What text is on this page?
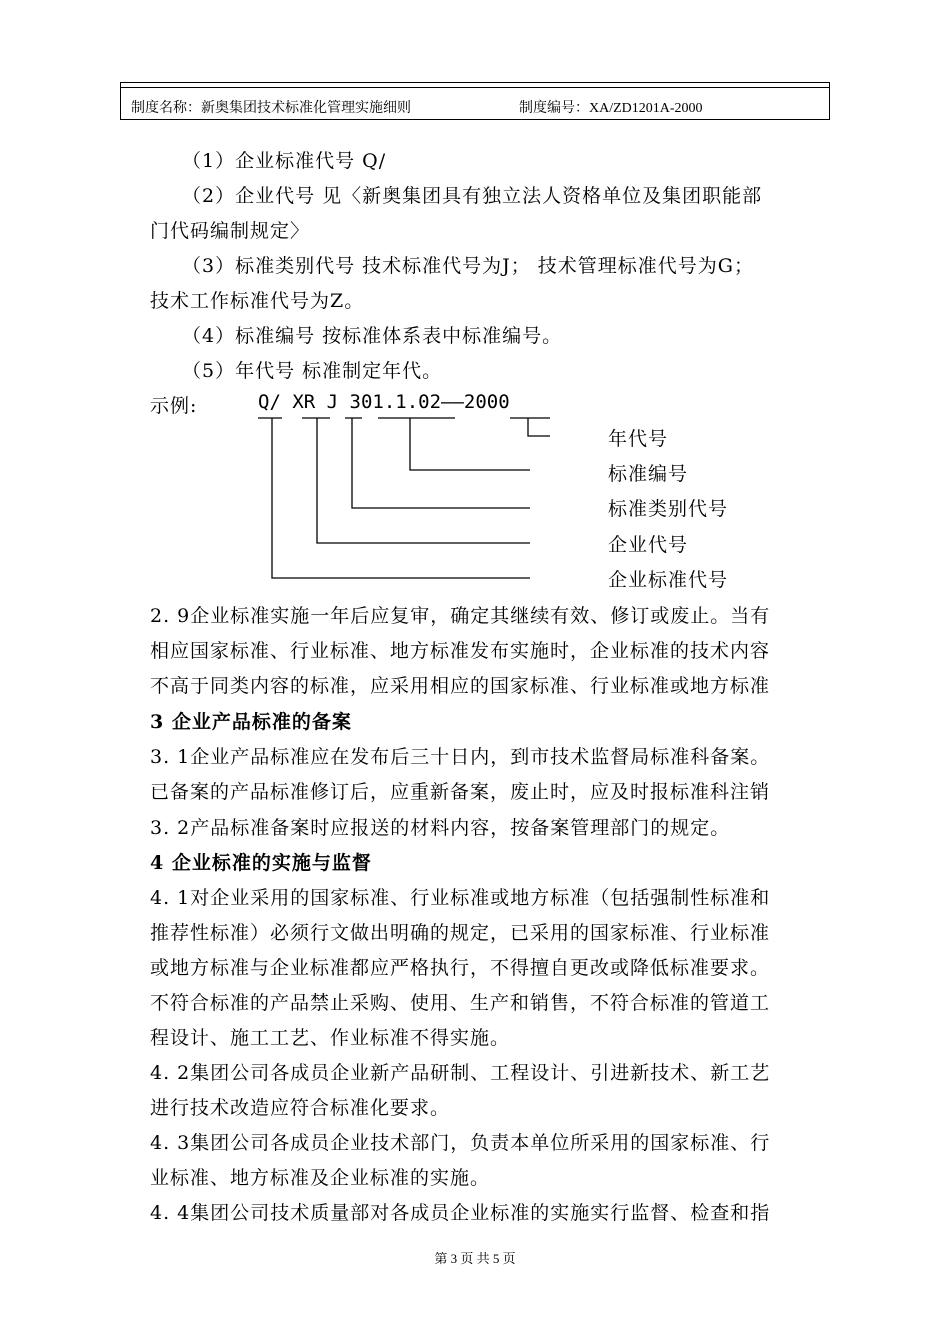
制度名称：新奥集团技术标准化管理实施细则	制度编号：XA/ZD1201A-2000
（1）企业标准代号 Q/
（2）企业代号 见〈新奥集团具有独立法人资格单位及集团职能部
门代码编制规定〉
（3）标准类别代号 技术标准代号为J； 技术管理标准代号为G；
技术工作标准代号为Z。
（4）标准编号 按标准体系表中标准编号。
（5）年代号 标准制定年代。
示例:	Q/ XR J 301.1.02——2000
年代号
标准编号
标准类别代号
企业代号
企业标准代号
2. 9企业标准实施一年后应复审，确定其继续有效、修订或废止。当有
相应国家标准、行业标准、地方标准发布实施时，企业标准的技术内容
不高于同类内容的标准，应采用相应的国家标准、行业标准或地方标准
3 企业产品标准的备案
3. 1企业产品标准应在发布后三十日内，到市技术监督局标准科备案。
已备案的产品标准修订后，应重新备案，废止时，应及时报标准科注销
3. 2产品标准备案时应报送的材料内容，按备案管理部门的规定。
4 企业标准的实施与监督
4. 1对企业采用的国家标准、行业标准或地方标准（包括强制性标准和
推荐性标准）必须行文做出明确的规定，已采用的国家标准、行业标准
或地方标准与企业标准都应严格执行，不得擅自更改或降低标准要求。
不符合标准的产品禁止采购、使用、生产和销售，不符合标准的管道工
程设计、施工工艺、作业标准不得实施。
4. 2集团公司各成员企业新产品研制、工程设计、引进新技术、新工艺
进行技术改造应符合标准化要求。
4. 3集团公司各成员企业技术部门，负责本单位所采用的国家标准、行
业标准、地方标准及企业标准的实施。
4. 4集团公司技术质量部对各成员企业标准的实施实行监督、检查和指
第 3 页 共 5 页
